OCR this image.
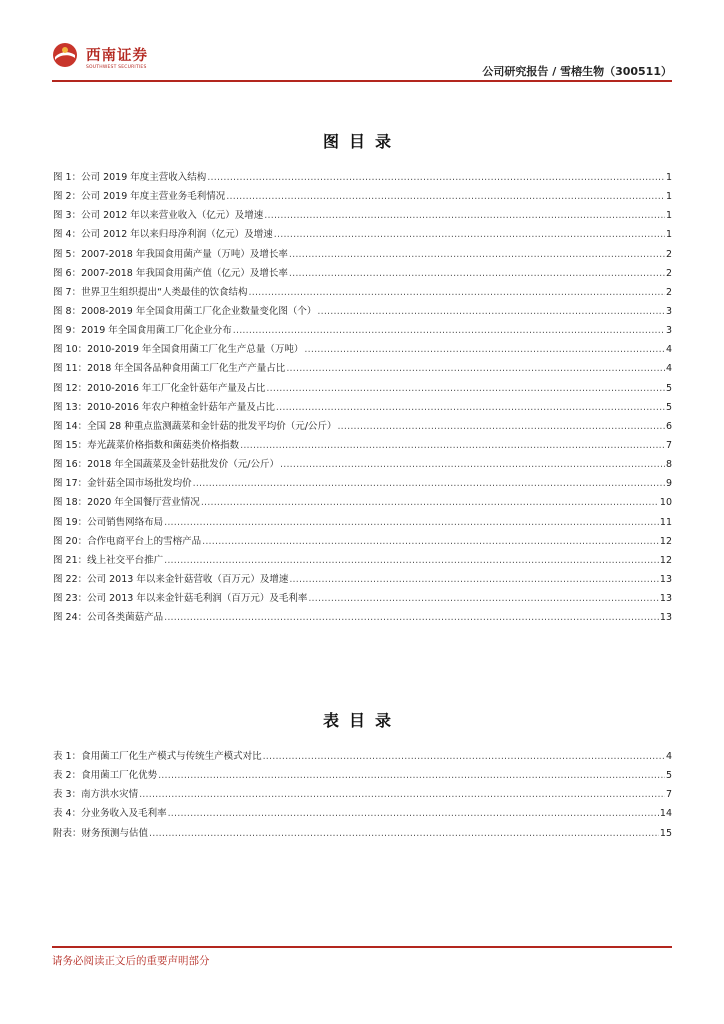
西南证券
SOUTHWEST SECURITIES	公司研究报告 / 雪榕生物（300511）
图目录
图 1：公司 2019 年度主营收入结构 .....	1
图 2：公司 2019 年度主营业务毛利情况 .....	1
图 3：公司 2012 年以来营业收入（亿元）及增速 .....	1
图 4：公司 2012 年以来归母净利润（亿元）及增速 .....	1
图 5：2007-2018 年我国食用菌产量（万吨）及增长率 .....	2
图 6：2007-2018 年我国食用菌产值（亿元）及增长率 .....	2
图 7：世界卫生组织提出“人类最佳的饮食结构 .....	2
图 8：2008-2019 年全国食用菌工厂化企业数量变化图（个） .....	3
图 9：2019 年全国食用菌工厂化企业分布 .....	3
图 10：2010-2019 年全国食用菌工厂化生产总量（万吨） .....	4
图 11：2018 年全国各品种食用菌工厂化生产产量占比 .....	4
图 12：2010-2016 年工厂化金针菇年产量及占比 .....	5
图 13：2010-2016 年农户种植金针菇年产量及占比 .....	5
图 14：全国 28 种重点监测蔬菜和金针菇的批发平均价（元/公斤） .....	6
图 15：寿光蔬菜价格指数和菌菇类价格指数 .....	7
图 16：2018 年全国蔬菜及金针菇批发价（元/公斤） .....	8
图 17：金针菇全国市场批发均价 .....	9
图 18：2020 年全国餐厅营业情况 .....	10
图 19：公司销售网络布局 .....	11
图 20：合作电商平台上的雪榕产品 .....	12
图 21：线上社交平台推广 .....	12
图 22：公司 2013 年以来金针菇营收（百万元）及增速 .....	13
图 23：公司 2013 年以来金针菇毛利润（百万元）及毛利率 .....	13
图 24：公司各类菌菇产品 .....	13
表目录
表 1：食用菌工厂化生产模式与传统生产模式对比 .....	4
表 2：食用菌工厂化优势 .....	5
表 3：南方洪水灾情 .....	7
表 4：分业务收入及毛利率 .....	14
附表：财务预测与估值 .....	15
请务必阅读正文后的重要声明部分
